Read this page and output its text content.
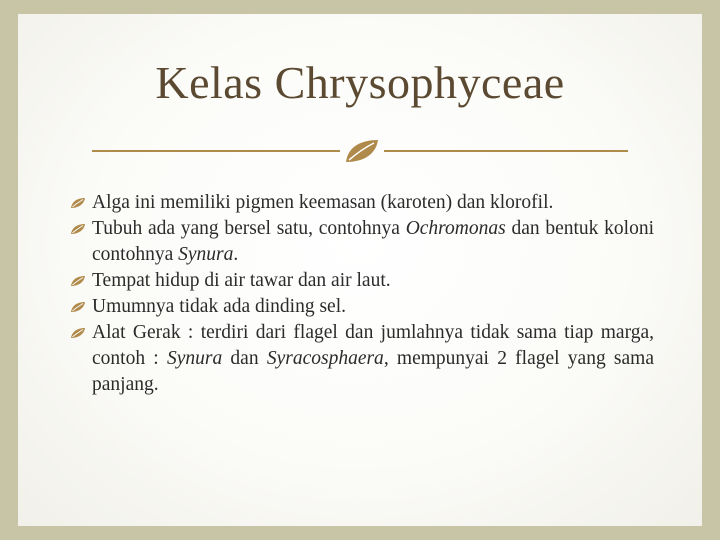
Kelas Chrysophyceae
Alga ini memiliki pigmen keemasan (karoten) dan klorofil.
Tubuh ada yang bersel satu, contohnya Ochromonas dan bentuk koloni contohnya Synura.
Tempat hidup di air tawar dan air laut.
Umumnya tidak ada dinding sel.
Alat Gerak : terdiri dari flagel dan jumlahnya tidak sama tiap marga, contoh : Synura dan Syracosphaera, mempunyai 2 flagel yang sama panjang.
